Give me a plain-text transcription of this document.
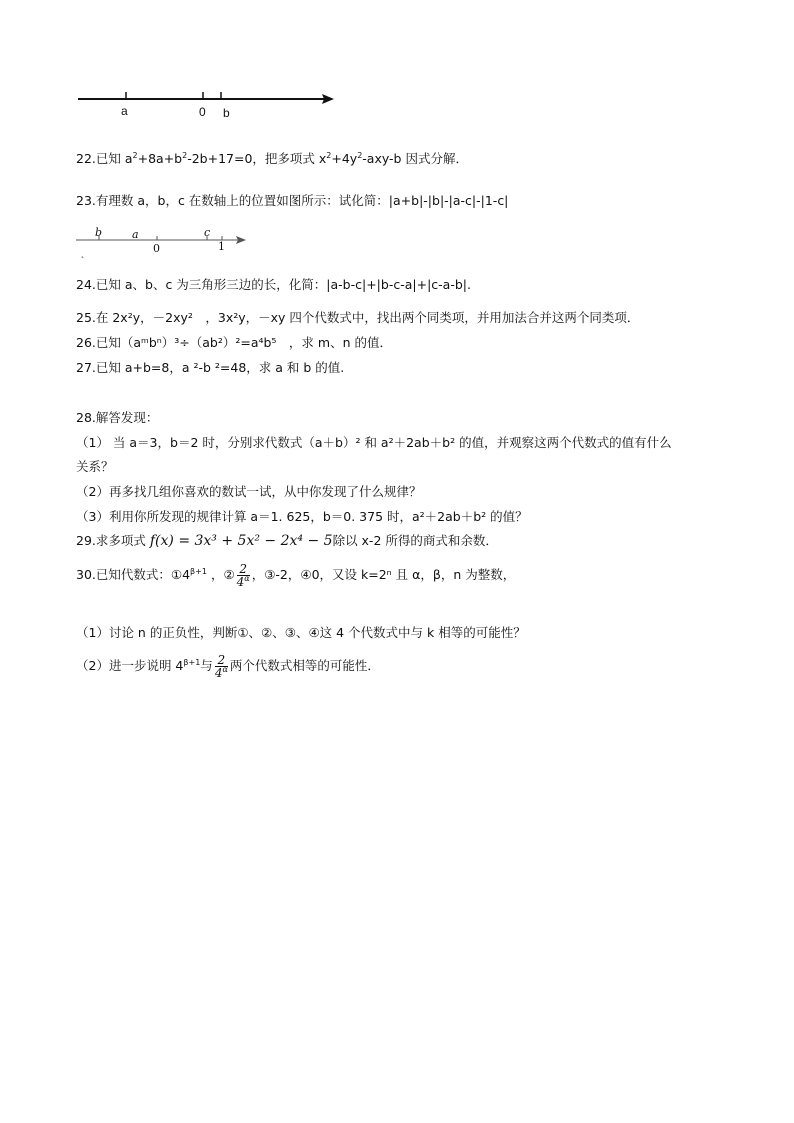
a	0 b
22.已知 $a^2+8a+b^2-2b+17=0$，把多项式 $x^2+4y^2-axy-b$ 因式分解．
23.有理数 a，b，c 在数轴上的位置如图所示：试化简：|a+b|-|b|-|a-c|-|1-c|
˛
b	a
0
c
1
24.已知 a、b、c 为三角形三边的长，化简：|a-b-c|+|b-c-a|+|c-a-b|.
25.在 2x²y，－2xy²　，3x²y，－xy 四个代数式中，找出两个同类项，并用加法合并这两个同类项．
26.已知（aᵐbⁿ）³÷（ab²）²=a⁴b⁵　，求 m、n 的值．
27.已知 a+b=8，a ²-b ²=48，求 a 和 b 的值.
28.解答发现：
（1） 当 a＝3，b＝2 时，分别求代数式（a＋b）² 和 a²＋2ab＋b² 的值，并观察这两个代数式的值有什么
关系？
（2）再多找几组你喜欢的数试一试，从中你发现了什么规律？
（3）利用你所发现的规律计算 a＝1. 625，b＝0. 375 时，a²＋2ab＋b² 的值？
29.求多项式 f(x) = 3x³ + 5x² − 2x⁴ − 5除以 x-2 所得的商式和余数．
30.已知代数式：$①4^{\beta+1}$ ，② $\frac{2}{4^\alpha}$ ，③-2，④0，又设 k=2ⁿ 且 α，β，n 为整数，
（1）讨论 n 的正负性，判断①、②、③、④这 4 个代数式中与 k 相等的可能性？
（2）进一步说明 $4^{\beta+1}$与 $\frac{2}{4^\alpha}$ 两个代数式相等的可能性．
